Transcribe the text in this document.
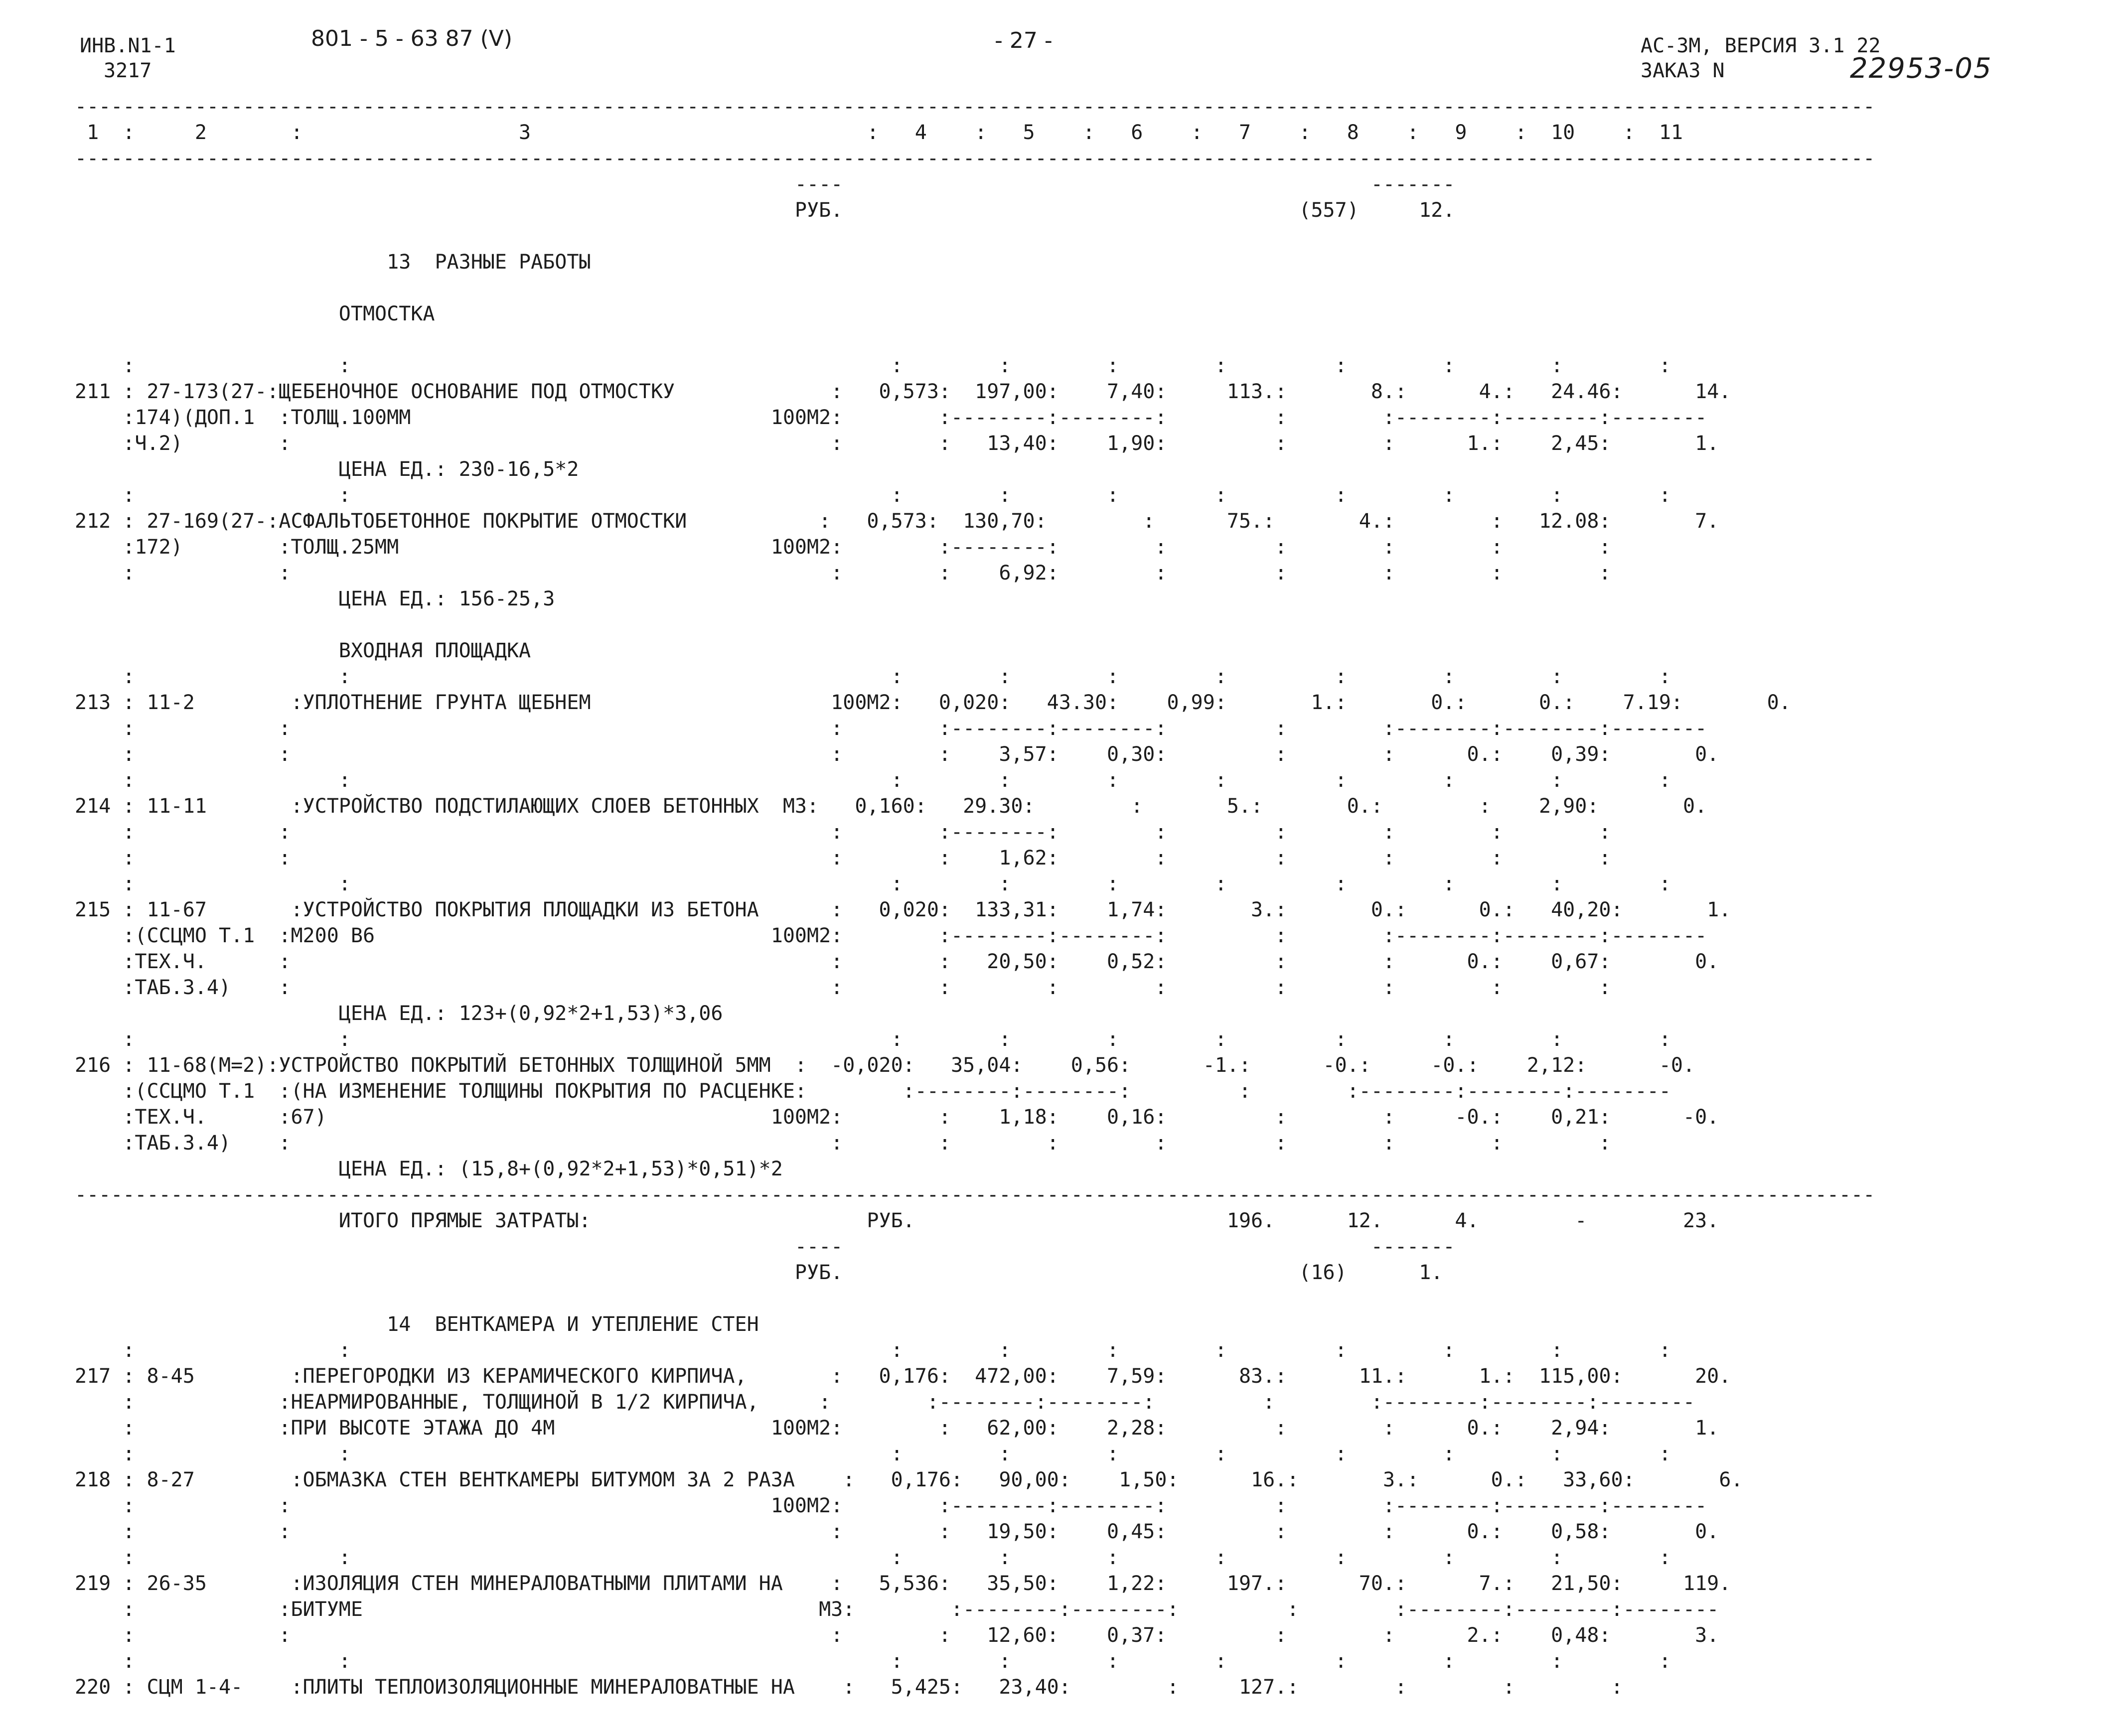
ИНВ.N1-1

3217

801 - 5 - 63 87 (V)

	- 27 -

	АС-3М, ВЕРСИЯ 3.1 22

ЗАКАЗ N

	22953-05

------------------------------------------------------------------------------------------------------------------------------------------------------
1  :     2       :                  3                            :   4    :   5    :   6    :   7    :   8    :   9    :  10    :  11
------------------------------------------------------------------------------------------------------------------------------------------------------
----                                            -------
РУБ.                                      (557)     12.

13  РАЗНЫЕ РАБОТЫ

ОТМОСТКА

:                 :                                             :        :        :        :         :        :        :        :
211 : 27-173(27-:ЩЕБЕНОЧНОЕ ОСНОВАНИЕ ПОД ОТМОСТКУ             :   0,573:  197,00:    7,40:     113.:       8.:      4.:   24.46:      14.
:174)(ДОП.1  :ТОЛЩ.100ММ                              100М2:        :--------:--------:         :        :--------:--------:--------
:Ч.2)        :                                             :        :   13,40:    1,90:         :        :      1.:    2,45:       1.
ЦЕНА ЕД.: 230-16,5*2
:                 :                                             :        :        :        :         :        :        :        :
212 : 27-169(27-:АСФАЛЬТОБЕТОННОЕ ПОКРЫТИЕ ОТМОСТКИ           :   0,573:  130,70:        :      75.:       4.:        :   12.08:       7.
:172)        :ТОЛЩ.25ММ                               100М2:        :--------:        :         :        :        :        :
:            :                                             :        :    6,92:        :         :        :        :        :
ЦЕНА ЕД.: 156-25,3

ВХОДНАЯ ПЛОЩАДКА
:                 :                                             :        :        :        :         :        :        :        :
213 : 11-2        :УПЛОТНЕНИЕ ГРУНТА ЩЕБНЕМ                    100М2:   0,020:   43.30:    0,99:       1.:       0.:      0.:    7.19:       0.
:            :                                             :        :--------:--------:         :        :--------:--------:--------
:            :                                             :        :    3,57:    0,30:         :        :      0.:    0,39:       0.
:                 :                                             :        :        :        :         :        :        :        :
214 : 11-11       :УСТРОЙСТВО ПОДСТИЛАЮЩИХ СЛОЕВ БЕТОННЫХ  М3:   0,160:   29.30:        :       5.:       0.:        :    2,90:       0.
:            :                                             :        :--------:        :         :        :        :        :
:            :                                             :        :    1,62:        :         :        :        :        :
:                 :                                             :        :        :        :         :        :        :        :
215 : 11-67       :УСТРОЙСТВО ПОКРЫТИЯ ПЛОЩАДКИ ИЗ БЕТОНА      :   0,020:  133,31:    1,74:       3.:       0.:      0.:   40,20:       1.
:(ССЦМО Т.1  :М200 В6                                 100М2:        :--------:--------:         :        :--------:--------:--------
:ТЕХ.Ч.      :                                             :        :   20,50:    0,52:         :        :      0.:    0,67:       0.
:ТАБ.3.4)    :                                             :        :        :        :         :        :        :        :
ЦЕНА ЕД.: 123+(0,92*2+1,53)*3,06
:                 :                                             :        :        :        :         :        :        :        :
216 : 11-68(М=2):УСТРОЙСТВО ПОКРЫТИЙ БЕТОННЫХ ТОЛЩИНОЙ 5ММ  :  -0,020:   35,04:    0,56:      -1.:      -0.:     -0.:    2,12:      -0.
:(ССЦМО Т.1  :(НА ИЗМЕНЕНИЕ ТОЛЩИНЫ ПОКРЫТИЯ ПО РАСЦЕНКЕ:        :--------:--------:         :        :--------:--------:--------
:ТЕХ.Ч.      :67)                                     100М2:        :    1,18:    0,16:         :        :     -0.:    0,21:      -0.
:ТАБ.3.4)    :                                             :        :        :        :         :        :        :        :
ЦЕНА ЕД.: (15,8+(0,92*2+1,53)*0,51)*2
------------------------------------------------------------------------------------------------------------------------------------------------------
ИТОГО ПРЯМЫЕ ЗАТРАТЫ:                       РУБ.                          196.      12.      4.        -        23.
----                                            -------
РУБ.                                      (16)      1.

14  ВЕНТКАМЕРА И УТЕПЛЕНИЕ СТЕН
:                 :                                             :        :        :        :         :        :        :        :
217 : 8-45        :ПЕРЕГОРОДКИ ИЗ КЕРАМИЧЕСКОГО КИРПИЧА,       :   0,176:  472,00:    7,59:      83.:      11.:      1.:  115,00:      20.
:            :НЕАРМИРОВАННЫЕ, ТОЛЩИНОЙ В 1/2 КИРПИЧА,     :        :--------:--------:         :        :--------:--------:--------
:            :ПРИ ВЫСОТЕ ЭТАЖА ДО 4М                  100М2:        :   62,00:    2,28:         :        :      0.:    2,94:       1.
:                 :                                             :        :        :        :         :        :        :        :
218 : 8-27        :ОБМАЗКА СТЕН ВЕНТКАМЕРЫ БИТУМОМ ЗА 2 РАЗА    :   0,176:   90,00:    1,50:      16.:       3.:      0.:   33,60:       6.
:            :                                        100М2:        :--------:--------:         :        :--------:--------:--------
:            :                                             :        :   19,50:    0,45:         :        :      0.:    0,58:       0.
:                 :                                             :        :        :        :         :        :        :        :
219 : 26-35       :ИЗОЛЯЦИЯ СТЕН МИНЕРАЛОВАТНЫМИ ПЛИТАМИ НА    :   5,536:   35,50:    1,22:     197.:      70.:      7.:   21,50:     119.
:            :БИТУМЕ                                      М3:        :--------:--------:         :        :--------:--------:--------
:            :                                             :        :   12,60:    0,37:         :        :      2.:    0,48:       3.
:                 :                                             :        :        :        :         :        :        :        :
220 : СЦМ 1-4-    :ПЛИТЫ ТЕПЛОИЗОЛЯЦИОННЫЕ МИНЕРАЛОВАТНЫЕ НА    :   5,425:   23,40:        :     127.:        :        :        :
